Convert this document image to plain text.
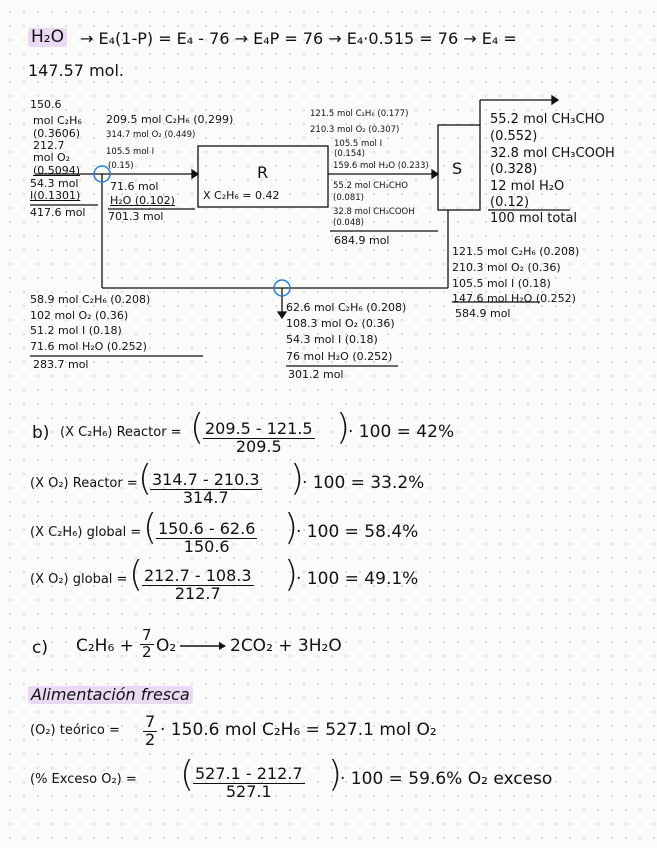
H₂O → E₄(1-P) = E₄ - 76 → E₄P = 76 → E₄·0.515 = 76 → E₄ =
147.57 mol.
150.6
mol C₂H₆
(0.3606)
212.7
mol O₂
(0.5094)
54.3 mol
I(0.1301)
417.6 mol
209.5 mol C₂H₆ (0.299)
314.7 mol O₂ (0.449)
105.5 mol I
(0.15)
71.6 mol
H₂O (0.102)
701.3 mol
R
X C₂H₆ = 0.42
121.5 mol C₂H₆ (0.177)
210.3 mol O₂ (0.307)
105.5 mol I
(0.154)
159.6 mol H₂O (0.233)
55.2 mol CH₃CHO
(0.081)
32.8 mol CH₃COOH
(0.048)
684.9 mol
S
55.2 mol CH₃CHO
(0.552)
32.8 mol CH₃COOH
(0.328)
12 mol H₂O
(0.12)
100 mol total
121.5 mol C₂H₆ (0.208)
210.3 mol O₂ (0.36)
105.5 mol I (0.18)
147.6 mol H₂O (0.252)
584.9 mol
58.9 mol C₂H₆ (0.208)
102 mol O₂ (0.36)
51.2 mol I (0.18)
71.6 mol H₂O (0.252)
283.7 mol
62.6 mol C₂H₆ (0.208)
108.3 mol O₂ (0.36)
54.3 mol I (0.18)
76 mol H₂O (0.252)
301.2 mol
b) (X C₂H₆) Reactor = (
$\frac{209.5 - 121.5}{209.5}$ )
· 100 = 42%
(X O₂) Reactor = (
$\frac{314.7 - 210.3}{314.7}$ )
· 100 = 33.2%
(X C₂H₆) global = (
$\frac{150.6 - 62.6}{150.6}$ )
· 100 = 58.4%
(X O₂) global = (
$\frac{212.7 - 108.3}{212.7}$ )
· 100 = 49.1%
c) $C_2H_6 + \frac{7}{2} O_2$	2CO₂ + 3H₂O
Alimentación fresca
(O₂) teórico = $\frac{7}{2} \cdot 150.6$ mol C₂H₆ = 527.1 mol O₂
(% Exceso O₂) = (
$\frac{527.1 - 212.7}{527.1}$ )
· 100 = 59.6% O₂ exceso
